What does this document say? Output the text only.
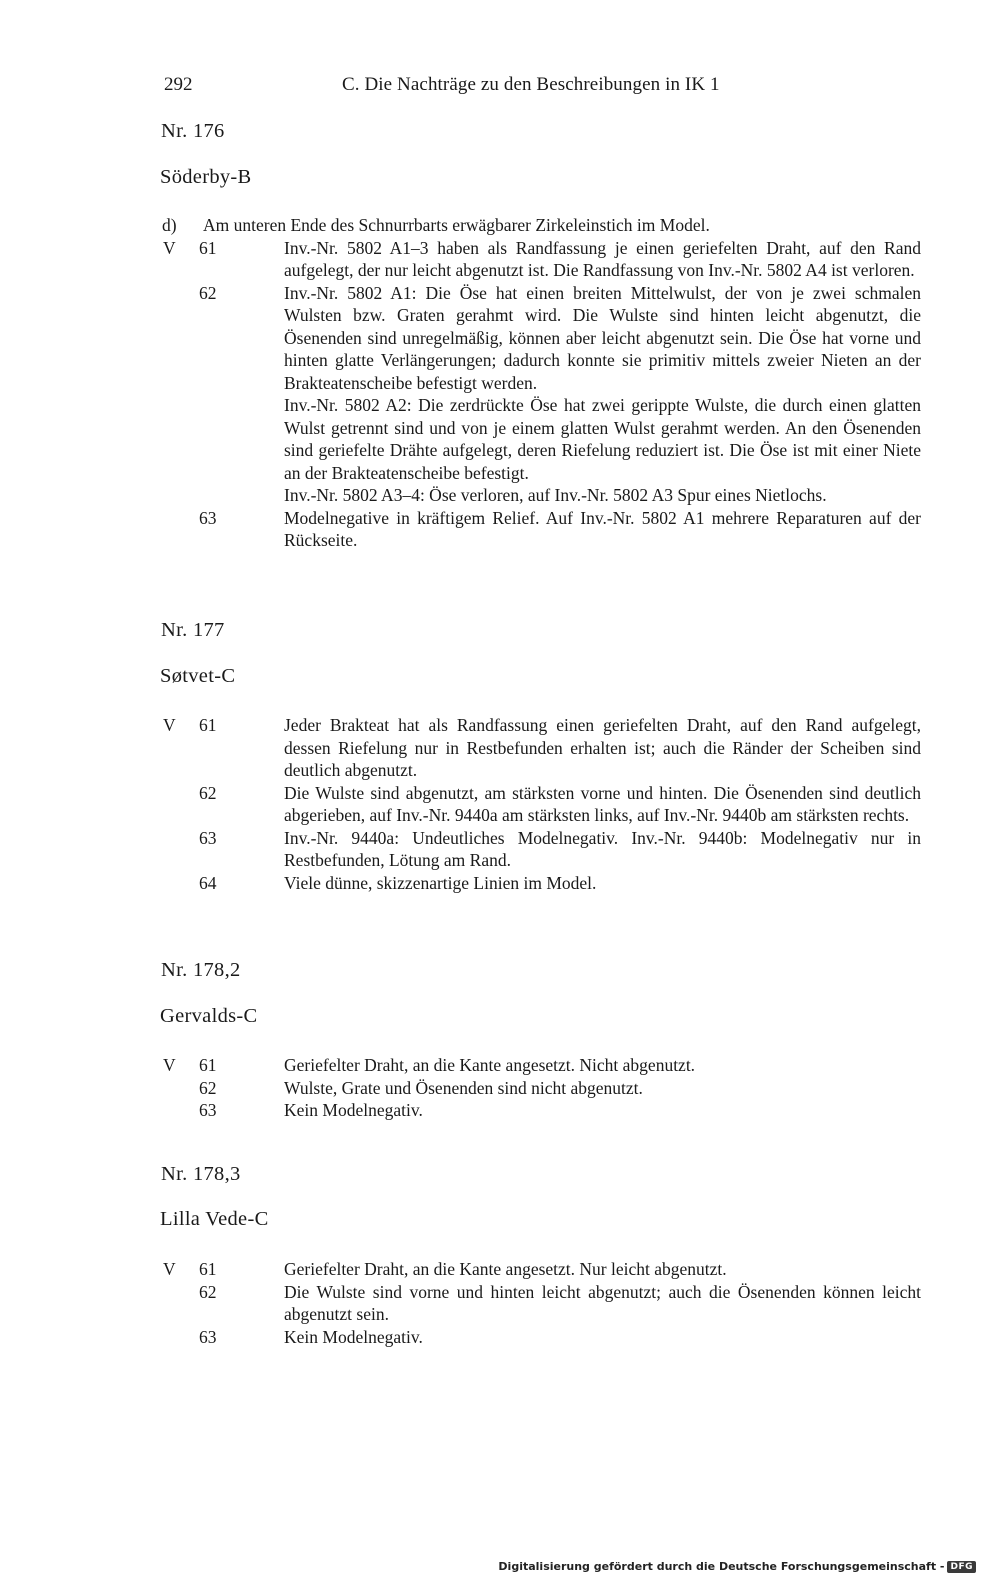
292	C. Die Nachträge zu den Beschreibungen in IK 1
Nr. 176
Söderby-B
d) Am unteren Ende des Schnurrbarts erwägbarer Zirkeleinstich im Model.
V 61	Inv.-Nr. 5802 A1–3 haben als Randfassung je einen geriefelten Draht, auf den Rand aufgelegt, der nur leicht abgenutzt ist. Die Randfassung von Inv.-Nr. 5802 A4 ist verloren.
62	Inv.-Nr. 5802 A1: Die Öse hat einen breiten Mittelwulst, der von je zwei schmalen Wulsten bzw. Graten gerahmt wird. Die Wulste sind hinten leicht abgenutzt, die Ösenenden sind unregelmäßig, können aber leicht abgenutzt sein. Die Öse hat vorne und hinten glatte Verlängerungen; dadurch konnte sie primitiv mittels zweier Nieten an der Brakteatenscheibe befestigt werden.
Inv.-Nr. 5802 A2: Die zerdrückte Öse hat zwei gerippte Wulste, die durch einen glatten Wulst getrennt sind und von je einem glatten Wulst gerahmt werden. An den Ösenenden sind geriefelte Drähte aufgelegt, deren Riefelung reduziert ist. Die Öse ist mit einer Niete an der Brakteatenscheibe befestigt.
Inv.-Nr. 5802 A3–4: Öse verloren, auf Inv.-Nr. 5802 A3 Spur eines Nietlochs.
63	Modelnegative in kräftigem Relief. Auf Inv.-Nr. 5802 A1 mehrere Reparaturen auf der Rückseite.
Nr. 177
Søtvet-C
V 61	Jeder Brakteat hat als Randfassung einen geriefelten Draht, auf den Rand aufgelegt, dessen Riefelung nur in Restbefunden erhalten ist; auch die Ränder der Scheiben sind deutlich abgenutzt.
62	Die Wulste sind abgenutzt, am stärksten vorne und hinten. Die Ösenenden sind deutlich abgerieben, auf Inv.-Nr. 9440a am stärksten links, auf Inv.-Nr. 9440b am stärksten rechts.
63	Inv.-Nr. 9440a: Undeutliches Modelnegativ. Inv.-Nr. 9440b: Modelnegativ nur in Restbefunden, Lötung am Rand.
64	Viele dünne, skizzenartige Linien im Model.
Nr. 178,2
Gervalds-C
V 61	Geriefelter Draht, an die Kante angesetzt. Nicht abgenutzt.
62	Wulste, Grate und Ösenenden sind nicht abgenutzt.
63	Kein Modelnegativ.
Nr. 178,3
Lilla Vede-C
V 61	Geriefelter Draht, an die Kante angesetzt. Nur leicht abgenutzt.
62	Die Wulste sind vorne und hinten leicht abgenutzt; auch die Ösenenden können leicht abgenutzt sein.
63	Kein Modelnegativ.
Digitalisierung gefördert durch die Deutsche Forschungsgemeinschaft - DFG
